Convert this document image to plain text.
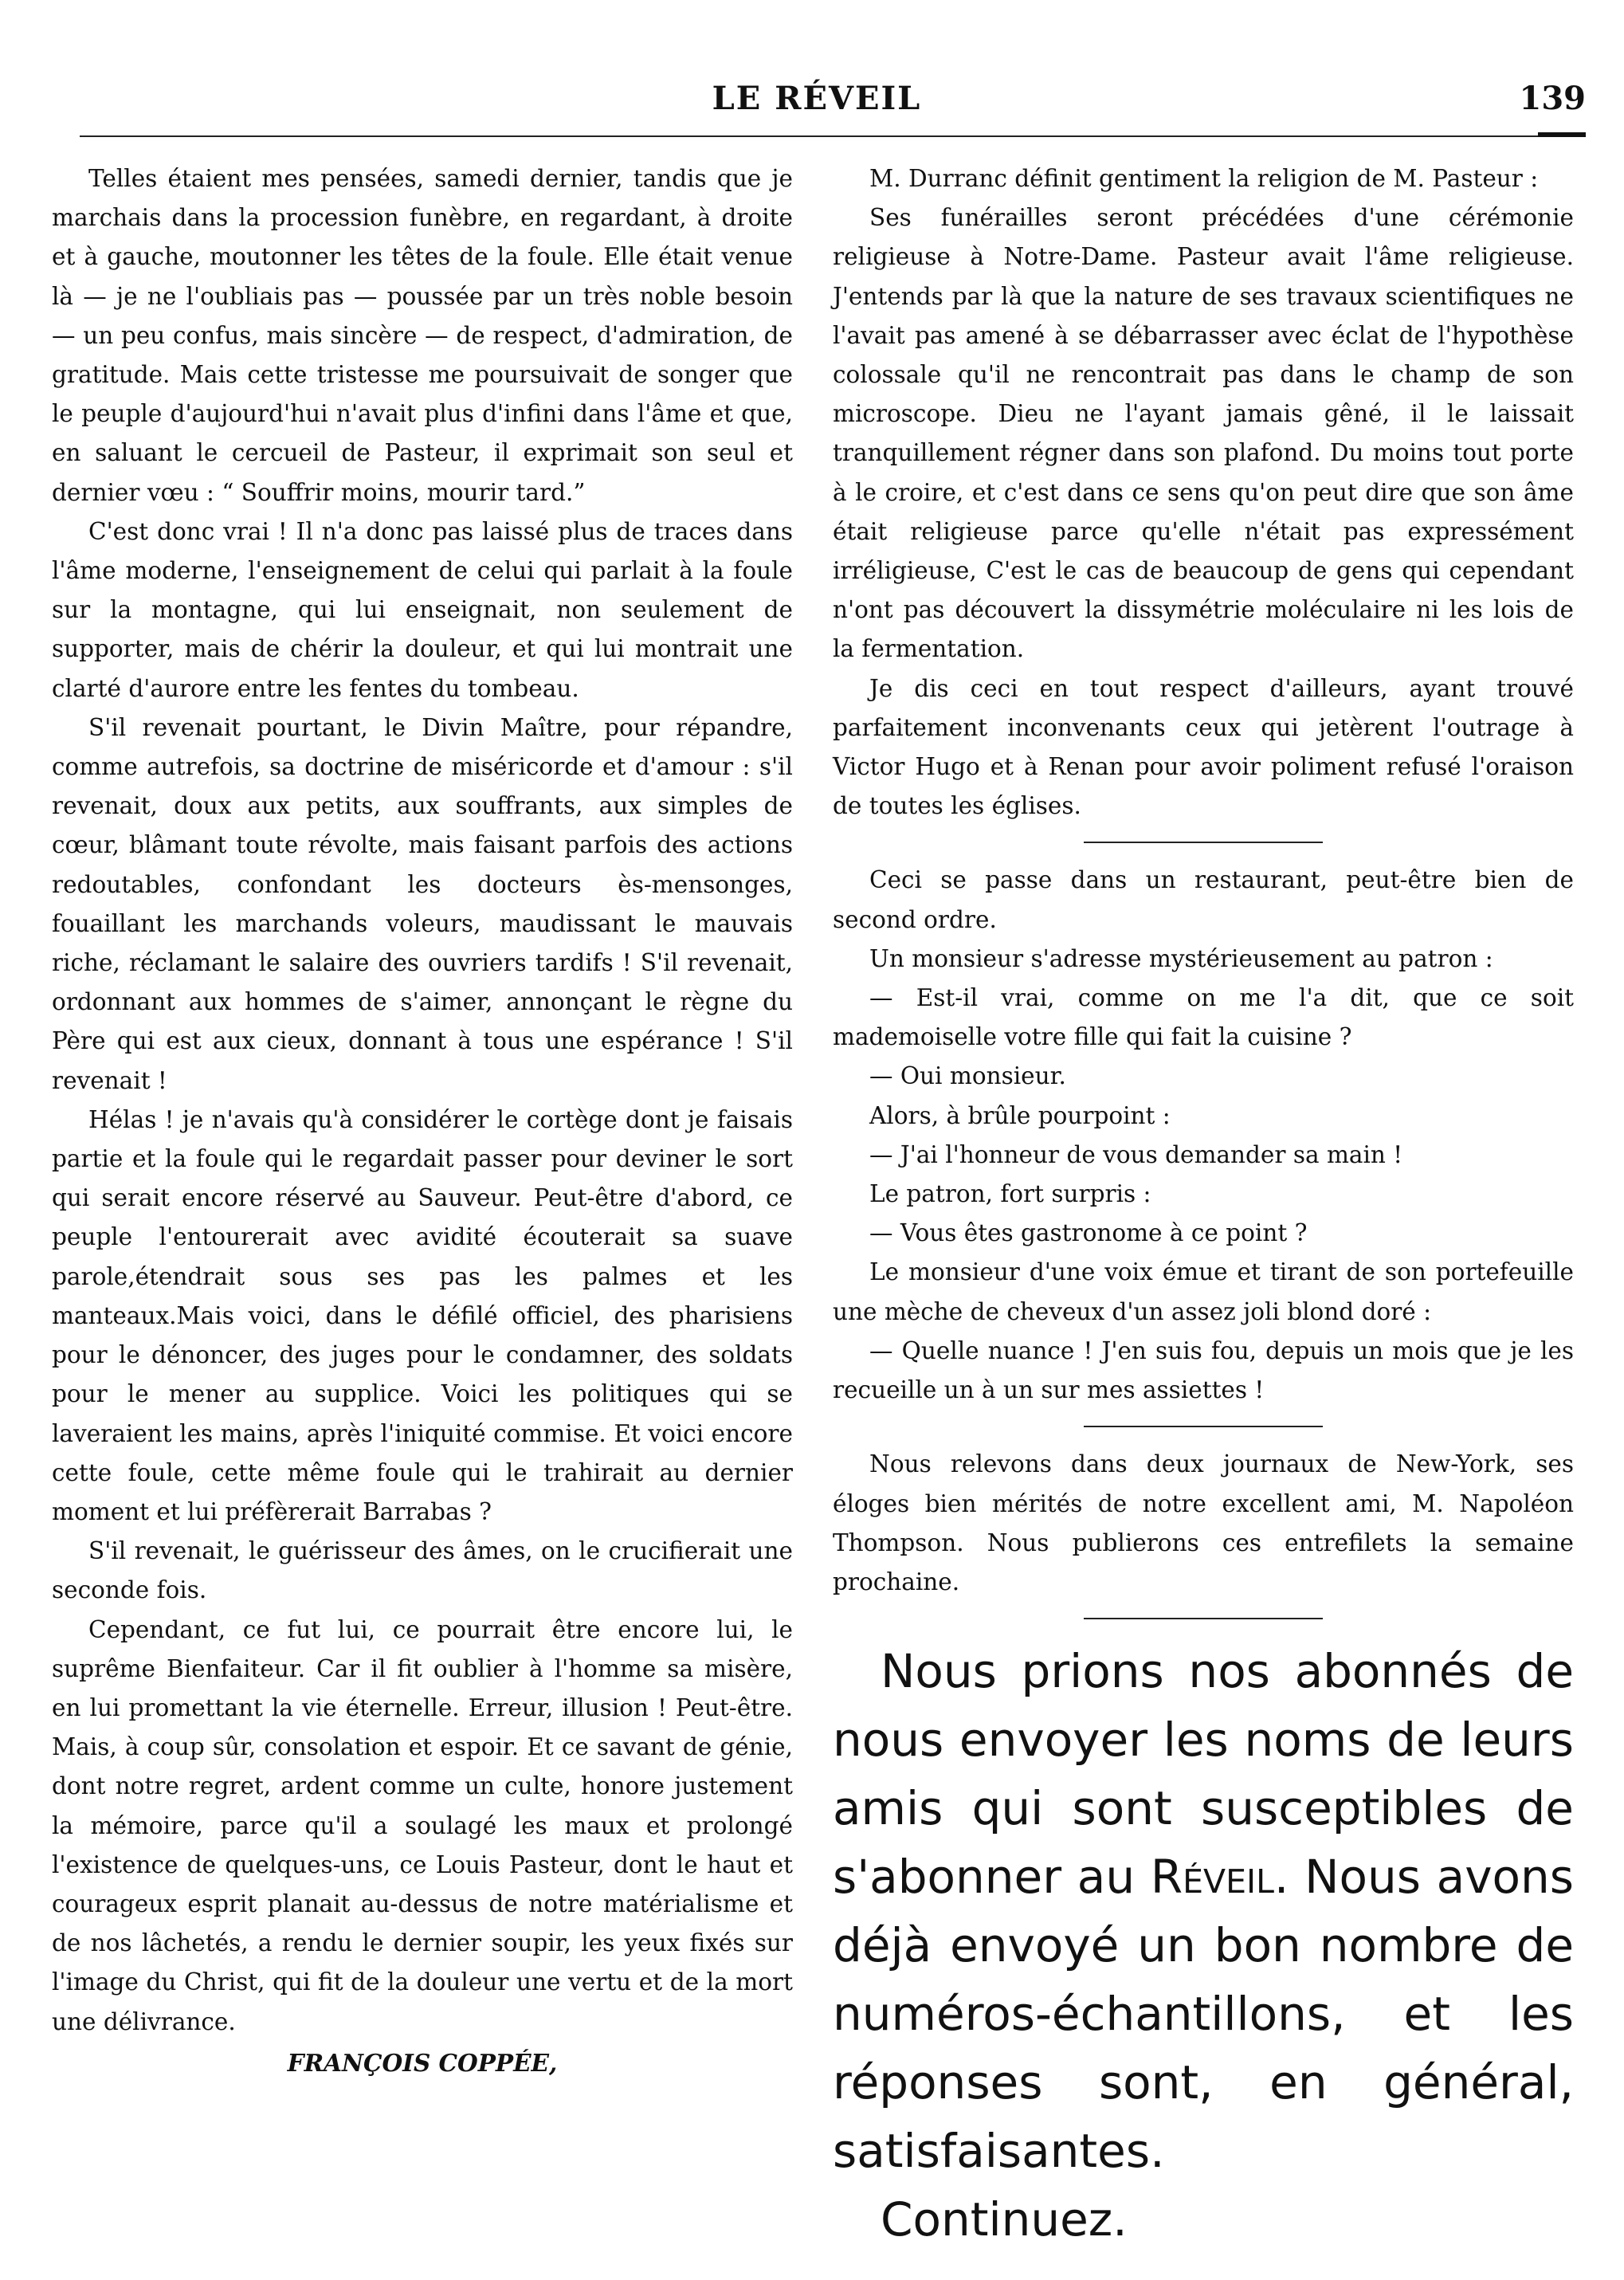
LE RÉVEIL	139

Telles étaient mes pensées, samedi dernier, tandis que je marchais dans la procession funèbre, en regardant, à droite et à gauche, moutonner les têtes de la foule. Elle était venue là — je ne l'oubliais pas — poussée par un très noble besoin — un peu confus, mais sincère — de respect, d'admiration, de gratitude. Mais cette tristesse me poursuivait de songer que le peuple d'aujourd'hui n'avait plus d'infini dans l'âme et que, en saluant le cercueil de Pasteur, il exprimait son seul et dernier vœu : “ Souffrir moins, mourir tard.”

C'est donc vrai ! Il n'a donc pas laissé plus de traces dans l'âme moderne, l'enseignement de celui qui parlait à la foule sur la montagne, qui lui enseignait, non seulement de supporter, mais de chérir la douleur, et qui lui montrait une clarté d'aurore entre les fentes du tombeau.

S'il revenait pourtant, le Divin Maître, pour répandre, comme autrefois, sa doctrine de miséricorde et d'amour : s'il revenait, doux aux petits, aux souffrants, aux simples de cœur, blâmant toute révolte, mais faisant parfois des actions redoutables, confondant les docteurs ès-mensonges, fouaillant les marchands voleurs, maudissant le mauvais riche, réclamant le salaire des ouvriers tardifs ! S'il revenait, ordonnant aux hommes de s'aimer, annonçant le règne du Père qui est aux cieux, donnant à tous une espérance ! S'il revenait !

Hélas ! je n'avais qu'à considérer le cortège dont je faisais partie et la foule qui le regardait passer pour deviner le sort qui serait encore réservé au Sauveur. Peut-être d'abord, ce peuple l'entourerait avec avidité écouterait sa suave parole,étendrait sous ses pas les palmes et les manteaux.Mais voici, dans le défilé officiel, des pharisiens pour le dénoncer, des juges pour le condamner, des soldats pour le mener au supplice. Voici les politiques qui se laveraient les mains, après l'iniquité commise. Et voici encore cette foule, cette même foule qui le trahirait au dernier moment et lui préfèrerait Barrabas ?

S'il revenait, le guérisseur des âmes, on le crucifierait une seconde fois.

Cependant, ce fut lui, ce pourrait être encore lui, le suprême Bienfaiteur. Car il fit oublier à l'homme sa misère, en lui promettant la vie éternelle. Erreur, illusion ! Peut-être. Mais, à coup sûr, consolation et espoir. Et ce savant de génie, dont notre regret, ardent comme un culte, honore justement la mémoire, parce qu'il a soulagé les maux et prolongé l'existence de quelques-uns, ce Louis Pasteur, dont le haut et courageux esprit planait au-dessus de notre matérialisme et de nos lâchetés, a rendu le dernier soupir, les yeux fixés sur l'image du Christ, qui fit de la douleur une vertu et de la mort une délivrance.

FRANÇOIS COPPÉE,

M. Durranc définit gentiment la religion de M. Pasteur :

Ses funérailles seront précédées d'une cérémonie religieuse à Notre-Dame. Pasteur avait l'âme religieuse. J'entends par là que la nature de ses travaux scientifiques ne l'avait pas amené à se débarrasser avec éclat de l'hypothèse colossale qu'il ne rencontrait pas dans le champ de son microscope. Dieu ne l'ayant jamais gêné, il le laissait tranquillement régner dans son plafond. Du moins tout porte à le croire, et c'est dans ce sens qu'on peut dire que son âme était religieuse parce qu'elle n'était pas expressément irréligieuse, C'est le cas de beaucoup de gens qui cependant n'ont pas découvert la dissymétrie moléculaire ni les lois de la fermentation.

Je dis ceci en tout respect d'ailleurs, ayant trouvé parfaitement inconvenants ceux qui jetèrent l'outrage à Victor Hugo et à Renan pour avoir poliment refusé l'oraison de toutes les églises.

Ceci se passe dans un restaurant, peut-être bien de second ordre.

Un monsieur s'adresse mystérieusement au patron :

— Est-il vrai, comme on me l'a dit, que ce soit mademoiselle votre fille qui fait la cuisine ?

— Oui monsieur.

Alors, à brûle pourpoint :

— J'ai l'honneur de vous demander sa main !

Le patron, fort surpris :

— Vous êtes gastronome à ce point ?

Le monsieur d'une voix émue et tirant de son portefeuille une mèche de cheveux d'un assez joli blond doré :

— Quelle nuance ! J'en suis fou, depuis un mois que je les recueille un à un sur mes assiettes !

Nous relevons dans deux journaux de New-York, ses éloges bien mérités de notre excellent ami, M. Napoléon Thompson. Nous publierons ces entrefilets la semaine prochaine.

Nous prions nos abonnés de nous envoyer les noms de leurs amis qui sont susceptibles de s'abonner au Réveil. Nous avons déjà envoyé un bon nombre de numéros-échantillons, et les réponses sont, en général, satisfaisantes.

Continuez.
